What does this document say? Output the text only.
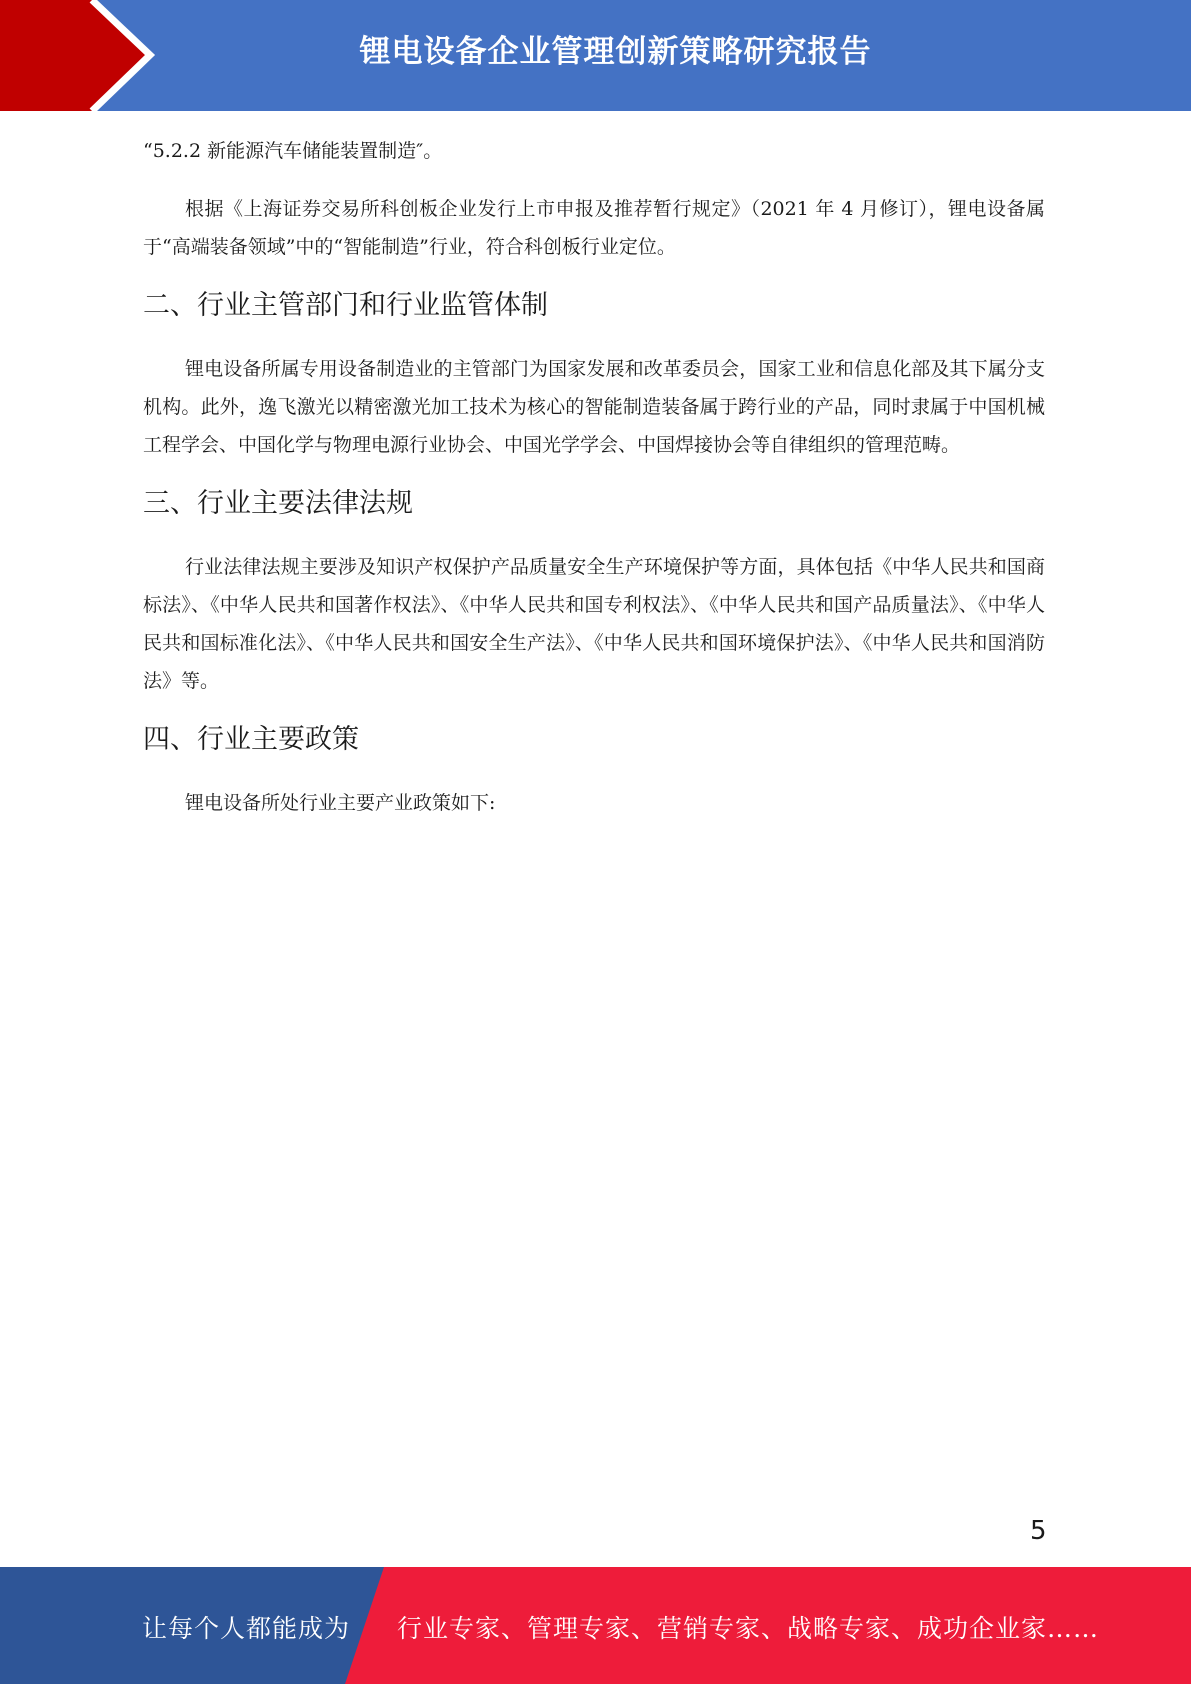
锂电设备企业管理创新策略研究报告

“5.2.2 新能源汽车储能装置制造″。

根据《上海证券交易所科创板企业发行上市申报及推荐暂行规定》（2021 年 4 月修订），锂电设备属于“高端装备领域”中的“智能制造”行业，符合科创板行业定位。

二、行业主管部门和行业监管体制

锂电设备所属专用设备制造业的主管部门为国家发展和改革委员会，国家工业和信息化部及其下属分支机构。此外，逸飞激光以精密激光加工技术为核心的智能制造装备属于跨行业的产品，同时隶属于中国机械工程学会、中国化学与物理电源行业协会、中国光学学会、中国焊接协会等自律组织的管理范畴。

三、行业主要法律法规

行业法律法规主要涉及知识产权保护产品质量安全生产环境保护等方面，具体包括《中华人民共和国商标法》、《中华人民共和国著作权法》、《中华人民共和国专利权法》、《中华人民共和国产品质量法》、《中华人民共和国标准化法》、《中华人民共和国安全生产法》、《中华人民共和国环境保护法》、《中华人民共和国消防法》等。

四、行业主要政策

锂电设备所处行业主要产业政策如下:

5
让每个人都能成为 行业专家、管理专家、营销专家、战略专家、成功企业家……
